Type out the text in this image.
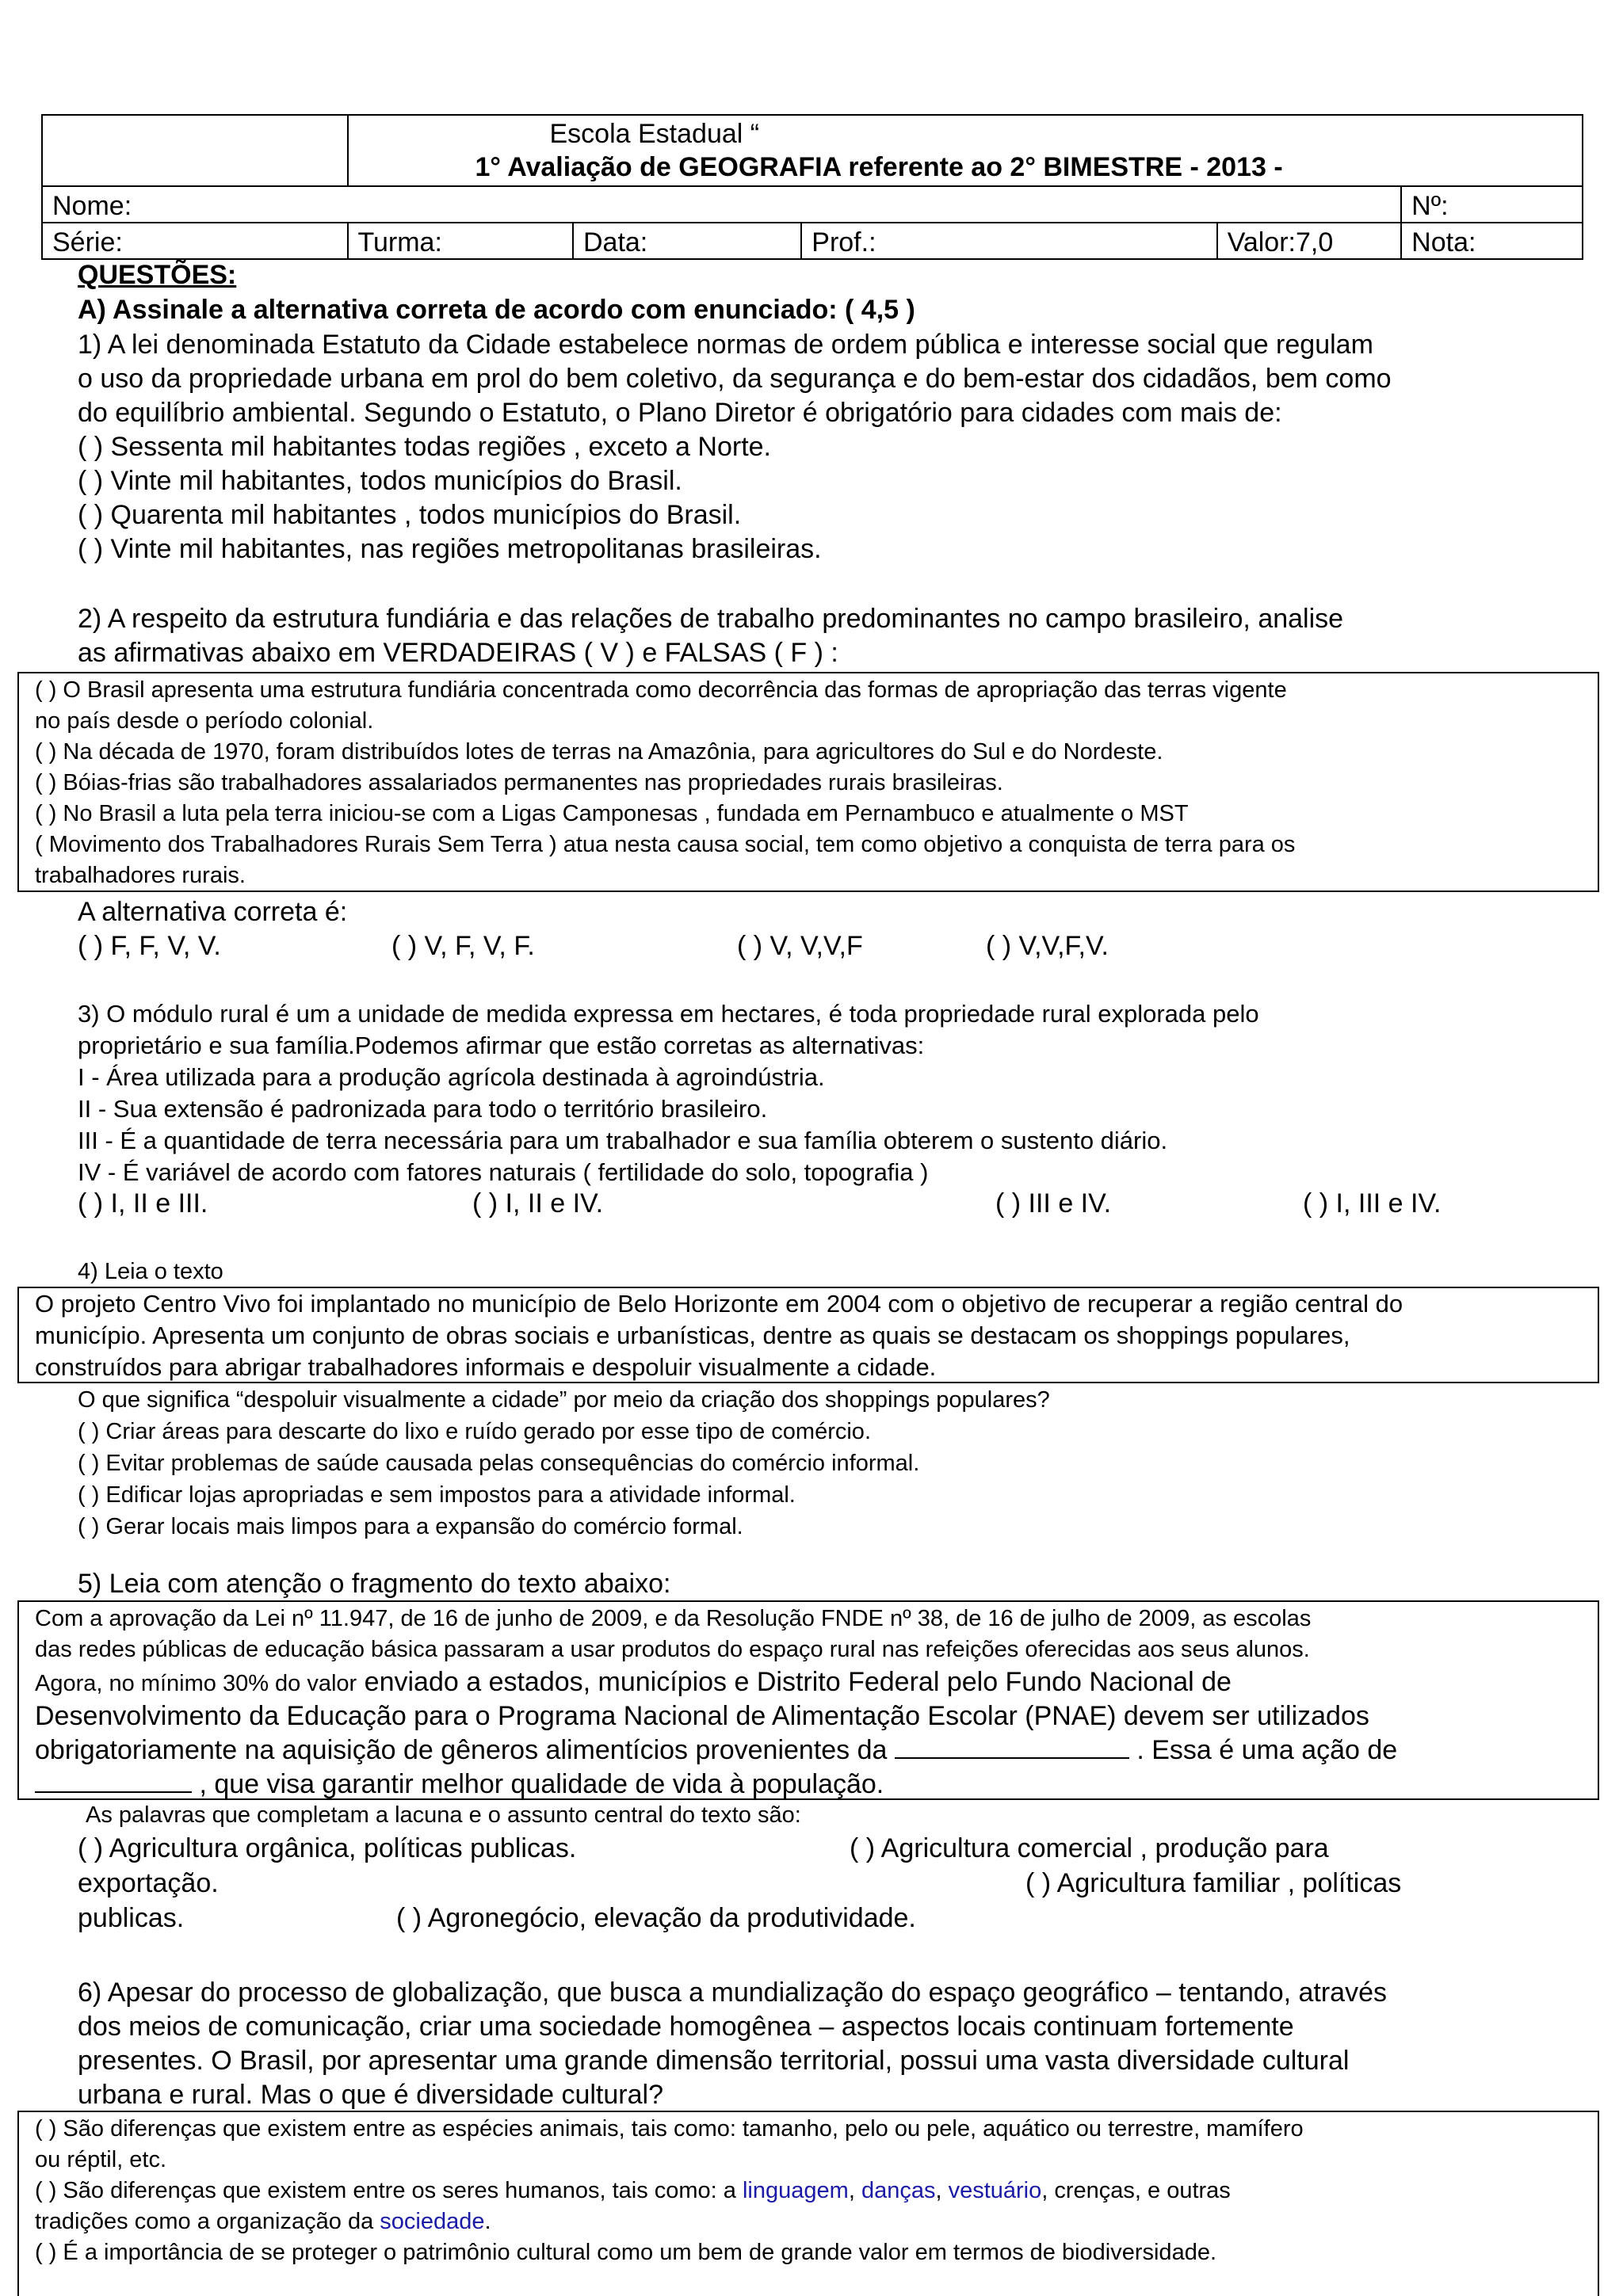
	Escola Estadual “
1° Avaliação de GEOGRAFIA referente ao 2° BIMESTRE - 2013 -				

Nome:					Nº:
Série:	Turma:	Data:	Prof.:	Valor:7,0	Nota:
QUESTÕES:
A) Assinale a alternativa correta de acordo com enunciado: ( 4,5 )
1) A lei denominada Estatuto da Cidade estabelece normas de ordem pública e interesse social que regulam
o uso da propriedade urbana em prol do bem coletivo, da segurança e do bem-estar dos cidadãos, bem como
do equilíbrio ambiental. Segundo o Estatuto, o Plano Diretor é obrigatório para cidades com mais de:
( ) Sessenta mil habitantes todas regiões , exceto a Norte.
( ) Vinte mil habitantes, todos municípios do Brasil.
( ) Quarenta mil habitantes , todos municípios do Brasil.
( ) Vinte mil habitantes, nas regiões metropolitanas brasileiras.
2) A respeito da estrutura fundiária e das relações de trabalho predominantes no campo brasileiro, analise
as afirmativas abaixo em VERDADEIRAS ( V ) e FALSAS ( F ) :
( ) O Brasil apresenta uma estrutura fundiária concentrada como decorrência das formas de apropriação das terras vigente
no país desde o período colonial.
( ) Na década de 1970, foram distribuídos lotes de terras na Amazônia, para agricultores do Sul e do Nordeste.
( ) Bóias-frias são trabalhadores assalariados permanentes nas propriedades rurais brasileiras.
( ) No Brasil a luta pela terra iniciou-se com a Ligas Camponesas , fundada em Pernambuco e atualmente o MST
( Movimento dos Trabalhadores Rurais Sem Terra ) atua nesta causa social, tem como objetivo a conquista de terra para os
trabalhadores rurais.
A alternativa correta é:
( ) F, F, V, V.	( ) V, F, V, F.	( ) V, V,V,F	( ) V,V,F,V.
3) O módulo rural é um a unidade de medida expressa em hectares, é toda propriedade rural explorada pelo
proprietário e sua família.Podemos afirmar que estão corretas as alternativas:
I - Área utilizada para a produção agrícola destinada à agroindústria.
II - Sua extensão é padronizada para todo o território brasileiro.
III - É a quantidade de terra necessária para um trabalhador e sua família obterem o sustento diário.
IV - É variável de acordo com fatores naturais ( fertilidade do solo, topografia )
( ) I, II e III.	( ) I, II e IV.	( ) III e IV.	( ) I, III e IV.
4) Leia o texto
O projeto Centro Vivo foi implantado no município de Belo Horizonte em 2004 com o objetivo de recuperar a região central do
município. Apresenta um conjunto de obras sociais e urbanísticas, dentre as quais se destacam os shoppings populares,
construídos para abrigar trabalhadores informais e despoluir visualmente a cidade.
O que significa “despoluir visualmente a cidade” por meio da criação dos shoppings populares?
( ) Criar áreas para descarte do lixo e ruído gerado por esse tipo de comércio.
( ) Evitar problemas de saúde causada pelas consequências do comércio informal.
( ) Edificar lojas apropriadas e sem impostos para a atividade informal.
( ) Gerar locais mais limpos para a expansão do comércio formal.
5) Leia com atenção o fragmento do texto abaixo:
Com a aprovação da Lei nº 11.947, de 16 de junho de 2009, e da Resolução FNDE nº 38, de 16 de julho de 2009, as escolas
das redes públicas de educação básica passaram a usar produtos do espaço rural nas refeições oferecidas aos seus alunos.
Agora, no mínimo 30% do valor enviado a estados, municípios e Distrito Federal pelo Fundo Nacional de
Desenvolvimento da Educação para o Programa Nacional de Alimentação Escolar (PNAE) devem ser utilizados
obrigatoriamente na aquisição de gêneros alimentícios provenientes da	. Essa é uma ação de
, que visa garantir melhor qualidade de vida à população.
As palavras que completam a lacuna e o assunto central do texto são:
( ) Agricultura orgânica, políticas publicas.	( ) Agricultura comercial , produção para
exportação.	( ) Agricultura familiar , políticas
publicas.	( ) Agronegócio, elevação da produtividade.
6) Apesar do processo de globalização, que busca a mundialização do espaço geográfico – tentando, através
dos meios de comunicação, criar uma sociedade homogênea – aspectos locais continuam fortemente
presentes. O Brasil, por apresentar uma grande dimensão territorial, possui uma vasta diversidade cultural
urbana e rural. Mas o que é diversidade cultural?
( ) São diferenças que existem entre as espécies animais, tais como: tamanho, pelo ou pele, aquático ou terrestre, mamífero
ou réptil, etc.
( ) São diferenças que existem entre os seres humanos, tais como: a linguagem, danças, vestuário, crenças, e outras
tradições como a organização da sociedade.
( ) É a importância de se proteger o patrimônio cultural como um bem de grande valor em termos de biodiversidade.
